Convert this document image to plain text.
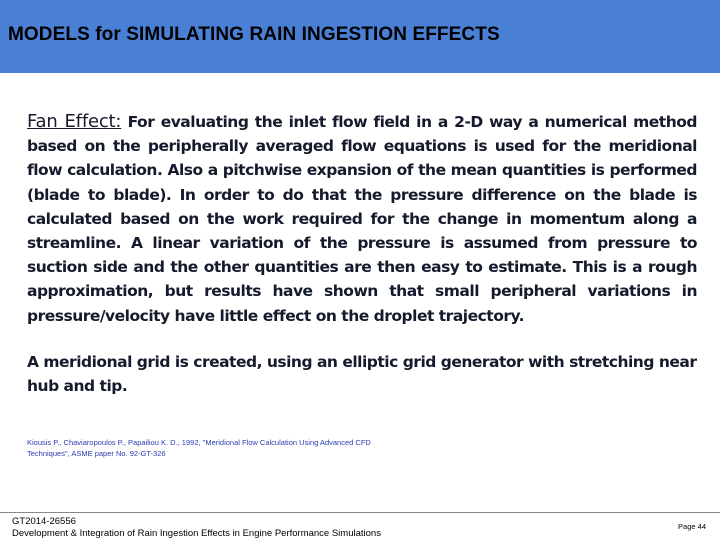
MODELS for SIMULATING RAIN INGESTION EFFECTS

Fan Effect: For evaluating the inlet flow field in a 2-D way a numerical method based on the peripherally averaged flow equations is used for the meridional flow calculation. Also a pitchwise expansion of the mean quantities is performed (blade to blade). In order to do that the pressure difference on the blade is calculated based on the work required for the change in momentum along a streamline. A linear variation of the pressure is assumed from pressure to suction side and the other quantities are then easy to estimate. This is a rough approximation, but results have shown that small peripheral variations in pressure/velocity have little effect on the droplet trajectory.

A meridional grid is created, using an elliptic grid generator with stretching near hub and tip.

Kiousis P., Chaviaropoulos P., Papailiou K. D., 1992, "Meridional Flow Calculation Using Advanced CFD Techniques", ASME paper No. 92-GT-326

GT2014-26556
Development & Integration of Rain Ingestion Effects in Engine Performance Simulations
Page 44
